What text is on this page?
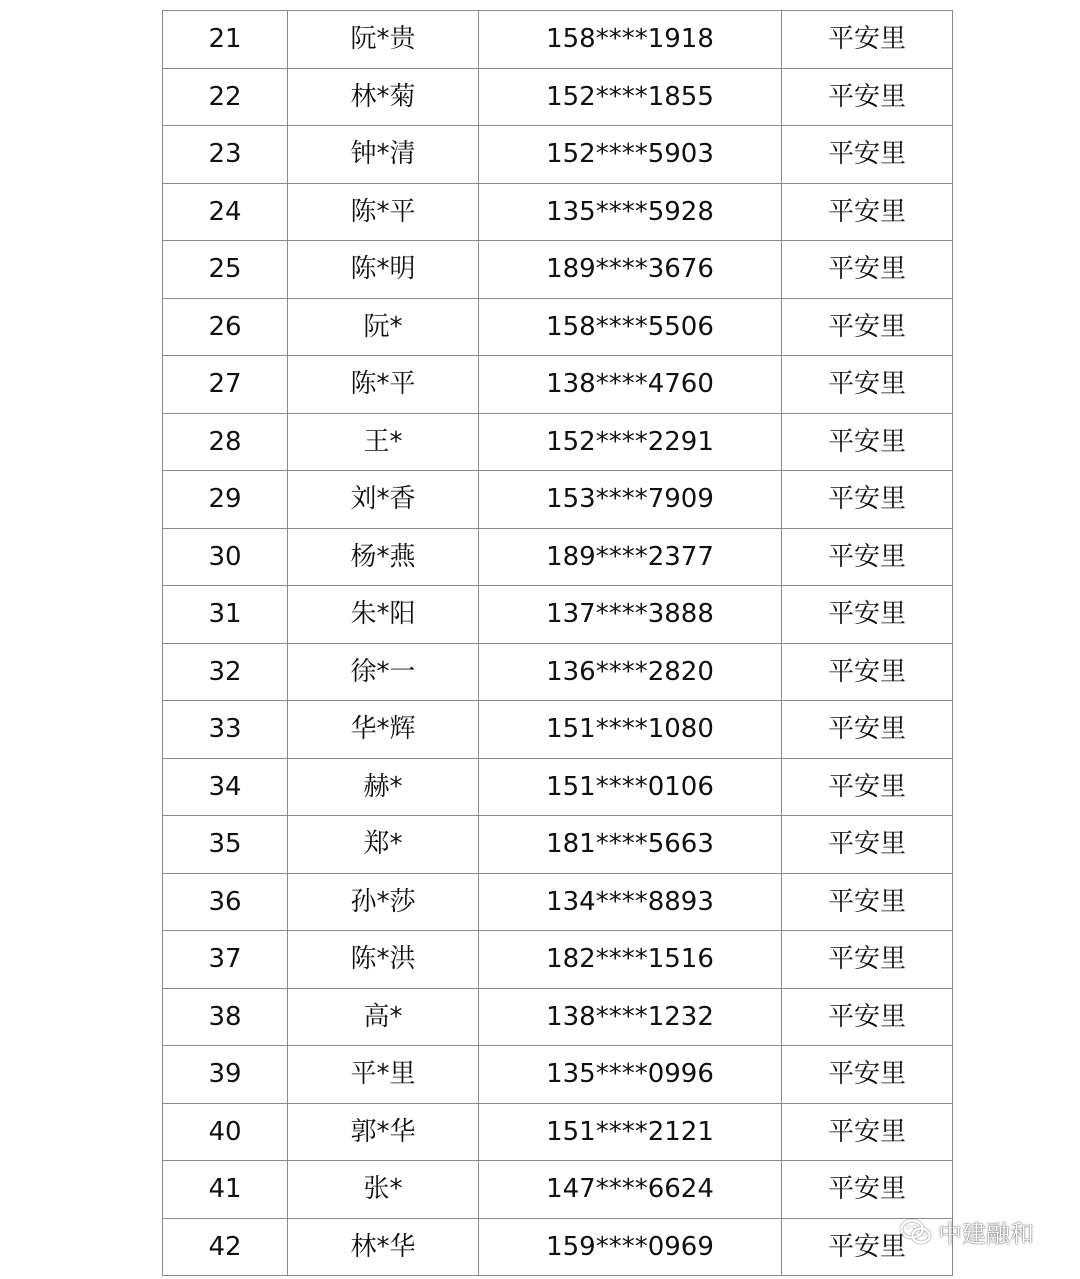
21	阮*贵	158****1918	平安里
22	林*菊	152****1855	平安里
23	钟*清	152****5903	平安里
24	陈*平	135****5928	平安里
25	陈*明	189****3676	平安里
26	阮*	158****5506	平安里
27	陈*平	138****4760	平安里
28	王*	152****2291	平安里
29	刘*香	153****7909	平安里
30	杨*燕	189****2377	平安里
31	朱*阳	137****3888	平安里
32	徐*一	136****2820	平安里
33	华*辉	151****1080	平安里
34	赫*	151****0106	平安里
35	郑*	181****5663	平安里
36	孙*莎	134****8893	平安里
37	陈*洪	182****1516	平安里
38	高*	138****1232	平安里
39	平*里	135****0996	平安里
40	郭*华	151****2121	平安里
41	张*	147****6624	平安里
42	林*华	159****0969	平安里 中建融和
